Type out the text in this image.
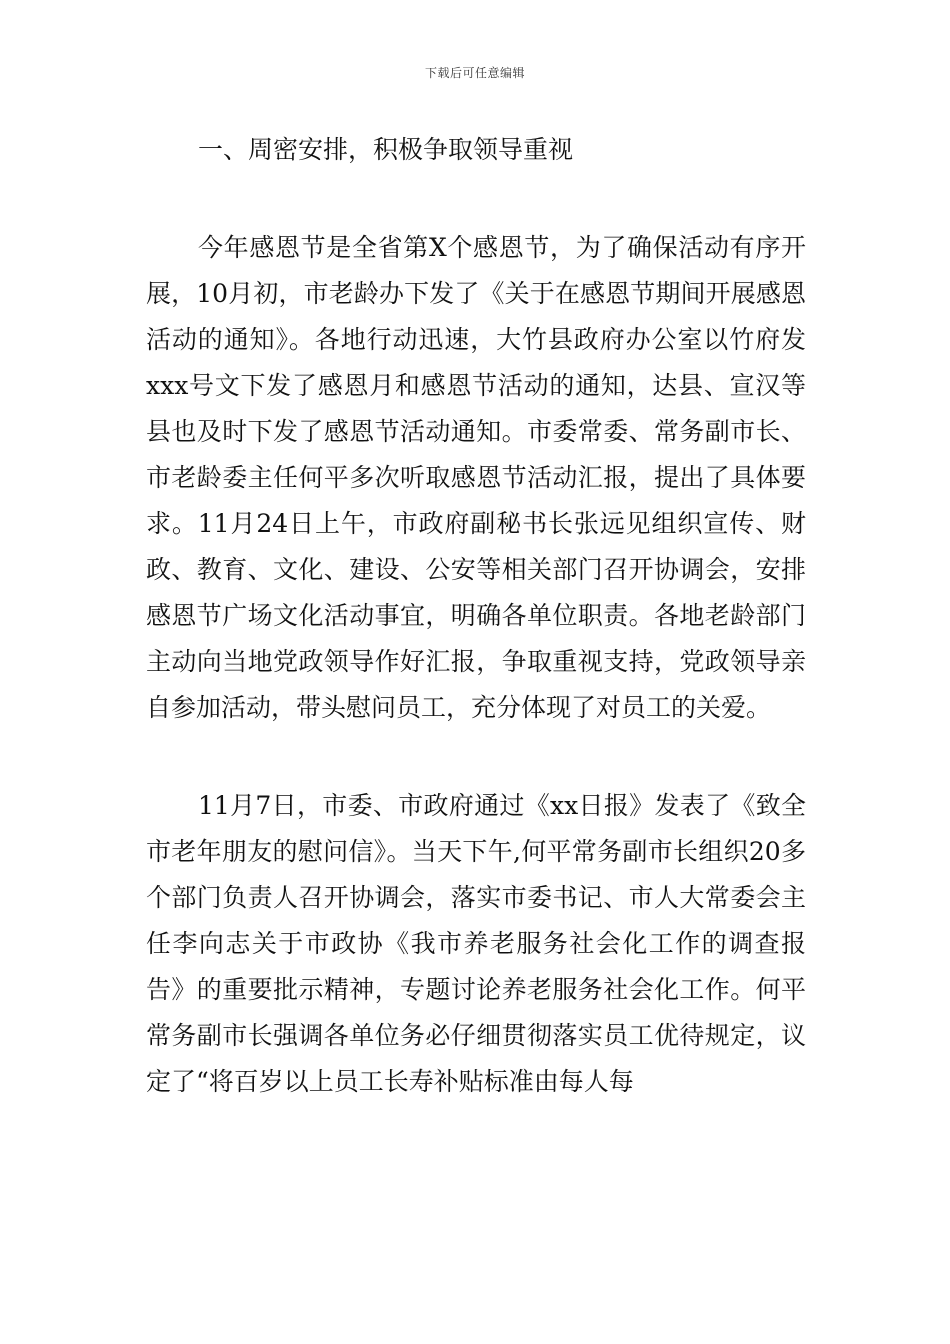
下载后可任意编辑

一、周密安排，积极争取领导重视

今年感恩节是全省第X个感恩节，为了确保活动有序开展，10月初，市老龄办下发了《关于在感恩节期间开展感恩活动的通知》。各地行动迅速，大竹县政府办公室以竹府发xxx号文下发了感恩月和感恩节活动的通知，达县、宣汉等县也及时下发了感恩节活动通知。市委常委、常务副市长、市老龄委主任何平多次听取感恩节活动汇报，提出了具体要求。11月24日上午，市政府副秘书长张远见组织宣传、财政、教育、文化、建设、公安等相关部门召开协调会，安排感恩节广场文化活动事宜，明确各单位职责。各地老龄部门主动向当地党政领导作好汇报，争取重视支持，党政领导亲自参加活动，带头慰问员工，充分体现了对员工的关爱。

11月7日，市委、市政府通过《xx日报》发表了《致全市老年朋友的慰问信》。当天下午,何平常务副市长组织20多个部门负责人召开协调会，落实市委书记、市人大常委会主任李向志关于市政协《我市养老服务社会化工作的调查报告》的重要批示精神，专题讨论养老服务社会化工作。何平常务副市长强调各单位务必仔细贯彻落实员工优待规定，议定了“将百岁以上员工长寿补贴标准由每人每
